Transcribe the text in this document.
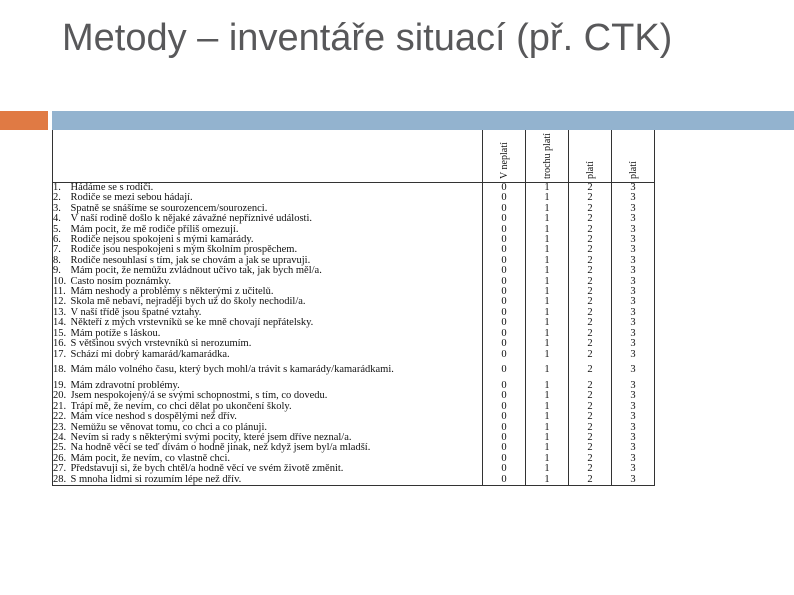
Metody – inventáře situací (př. CTK)

		V neplatí	trochu platí	platí	platí

1.	Hádáme se s rodiči.	0	1	2	3
2.	Rodiče se mezi sebou hádají.	0	1	2	3
3.	Špatně se snášíme se sourozencem/sourozenci.	0	1	2	3
4.	V naší rodině došlo k nějaké závažné nepříznivé události.	0	1	2	3
5.	Mám pocit, že mě rodiče příliš omezují.	0	1	2	3
6.	Rodiče nejsou spokojeni s mými kamarády.	0	1	2	3
7.	Rodiče jsou nespokojeni s mým školním prospěchem.	0	1	2	3
8.	Rodiče nesouhlasí s tím, jak se chovám a jak se upravuji.	0	1	2	3
9.	Mám pocit, že nemůžu zvládnout učivo tak, jak bych měl/a.	0	1	2	3
10.	Často nosím poznámky.	0	1	2	3
11.	Mám neshody a problémy s některými z učitelů.	0	1	2	3
12.	Škola mě nebaví, nejraději bych už do školy nechodil/a.	0	1	2	3
13.	V naší třídě jsou špatné vztahy.	0	1	2	3
14.	Někteří z mých vrstevníků se ke mně chovají nepřátelsky.	0	1	2	3
15.	Mám potíže s láskou.	0	1	2	3
16.	S většinou svých vrstevníků si nerozumím.	0	1	2	3
17.	Schází mi dobrý kamarád/kamarádka.	0	1	2	3
18.	Mám málo volného času, který bych mohl/a trávit s kamarády/kamarádkami.	0	1	2	3
19.	Mám zdravotní problémy.	0	1	2	3
20.	Jsem nespokojený/á se svými schopnostmi, s tím, co dovedu.	0	1	2	3
21.	Trápí mě, že nevím, co chci dělat po ukončení školy.	0	1	2	3
22.	Mám více neshod s dospělými než dřív.	0	1	2	3
23.	Nemůžu se věnovat tomu, co chci a co plánuji.	0	1	2	3
24.	Nevím si rady s některými svými pocity, které jsem dříve neznal/a.	0	1	2	3
25.	Na hodně věcí se teď dívám o hodně jinak, než když jsem byl/a mladší.	0	1	2	3
26.	Mám pocit, že nevím, co vlastně chci.	0	1	2	3
27.	Představuji si, že bych chtěl/a hodně věcí ve svém životě změnit.	0	1	2	3
28.	S mnoha lidmi si rozumím lépe než dřív.	0	1	2	3
